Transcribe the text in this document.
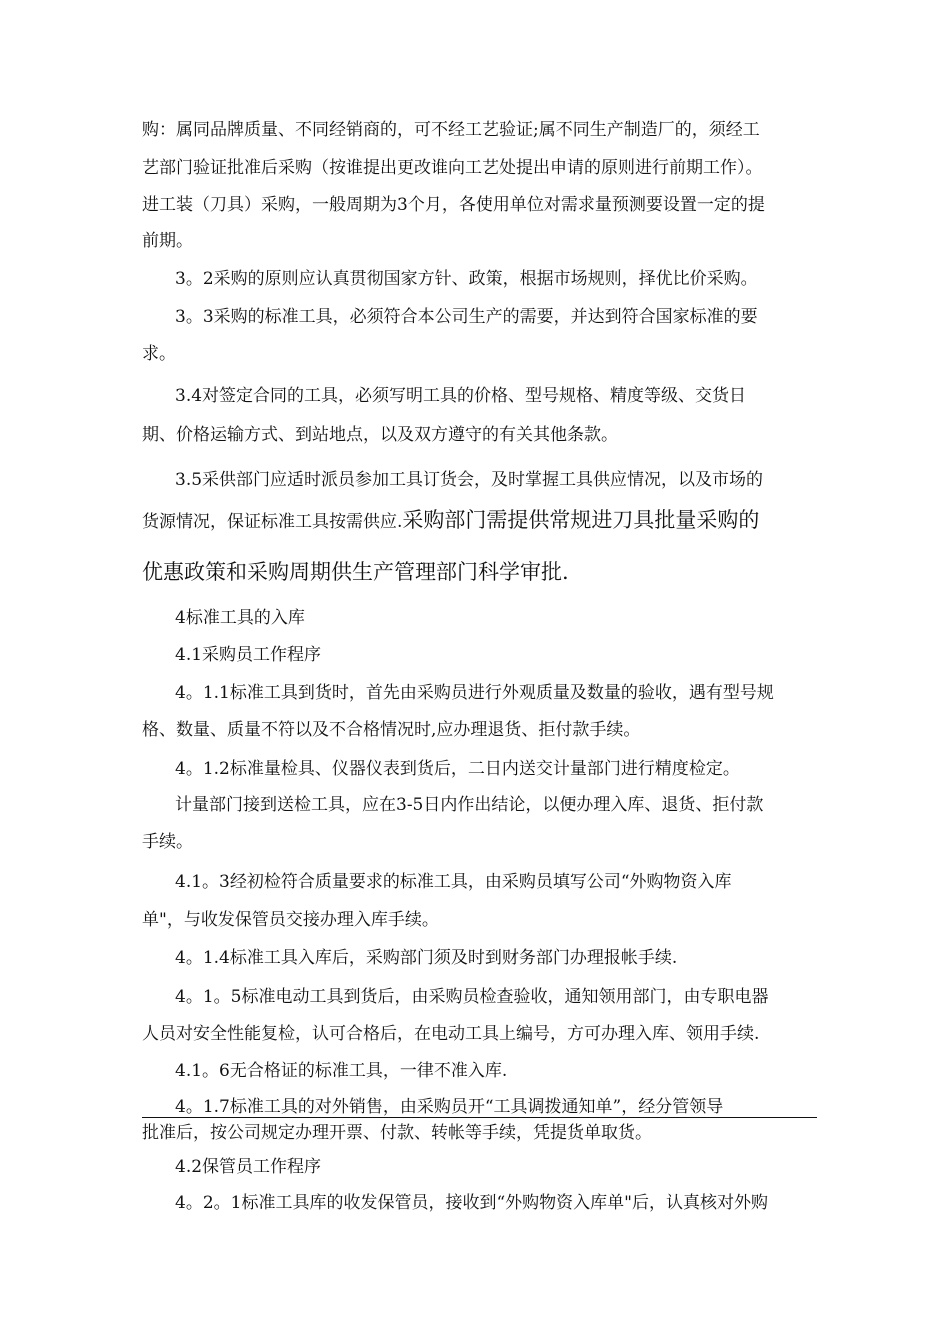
购：属同品牌质量、不同经销商的，可不经工艺验证;属不同生产制造厂的，须经工
艺部门验证批准后采购（按谁提出更改谁向工艺处提出申请的原则进行前期工作）。
进工装（刀具）采购，一般周期为3个月，各使用单位对需求量预测要设置一定的提
前期。
3。2采购的原则应认真贯彻国家方针、政策，根据市场规则，择优比价采购。
3。3采购的标准工具，必须符合本公司生产的需要，并达到符合国家标准的要
求。
3.4对签定合同的工具，必须写明工具的价格、型号规格、精度等级、交货日
期、价格运输方式、到站地点，以及双方遵守的有关其他条款。
3.5采供部门应适时派员参加工具订货会，及时掌握工具供应情况，以及市场的
货源情况，保证标准工具按需供应.采购部门需提供常规进刀具批量采购的
优惠政策和采购周期供生产管理部门科学审批.
4标准工具的入库
4.1采购员工作程序
4。1.1标准工具到货时，首先由采购员进行外观质量及数量的验收，遇有型号规
格、数量、质量不符以及不合格情况时,应办理退货、拒付款手续。
4。1.2标准量检具、仪器仪表到货后，二日内送交计量部门进行精度检定。
计量部门接到送检工具，应在3-5日内作出结论，以便办理入库、退货、拒付款
手续。
4.1。3经初检符合质量要求的标准工具，由采购员填写公司“外购物资入库
单"，与收发保管员交接办理入库手续。
4。1.4标准工具入库后，采购部门须及时到财务部门办理报帐手续.
4。1。5标准电动工具到货后，由采购员检查验收，通知领用部门，由专职电器
人员对安全性能复检，认可合格后，在电动工具上编号，方可办理入库、领用手续.
4.1。6无合格证的标准工具，一律不准入库.
4。1.7标准工具的对外销售，由采购员开“工具调拨通知单”，经分管领导
批准后，按公司规定办理开票、付款、转帐等手续，凭提货单取货。
4.2保管员工作程序
4。2。1标准工具库的收发保管员，接收到“外购物资入库单"后，认真核对外购
